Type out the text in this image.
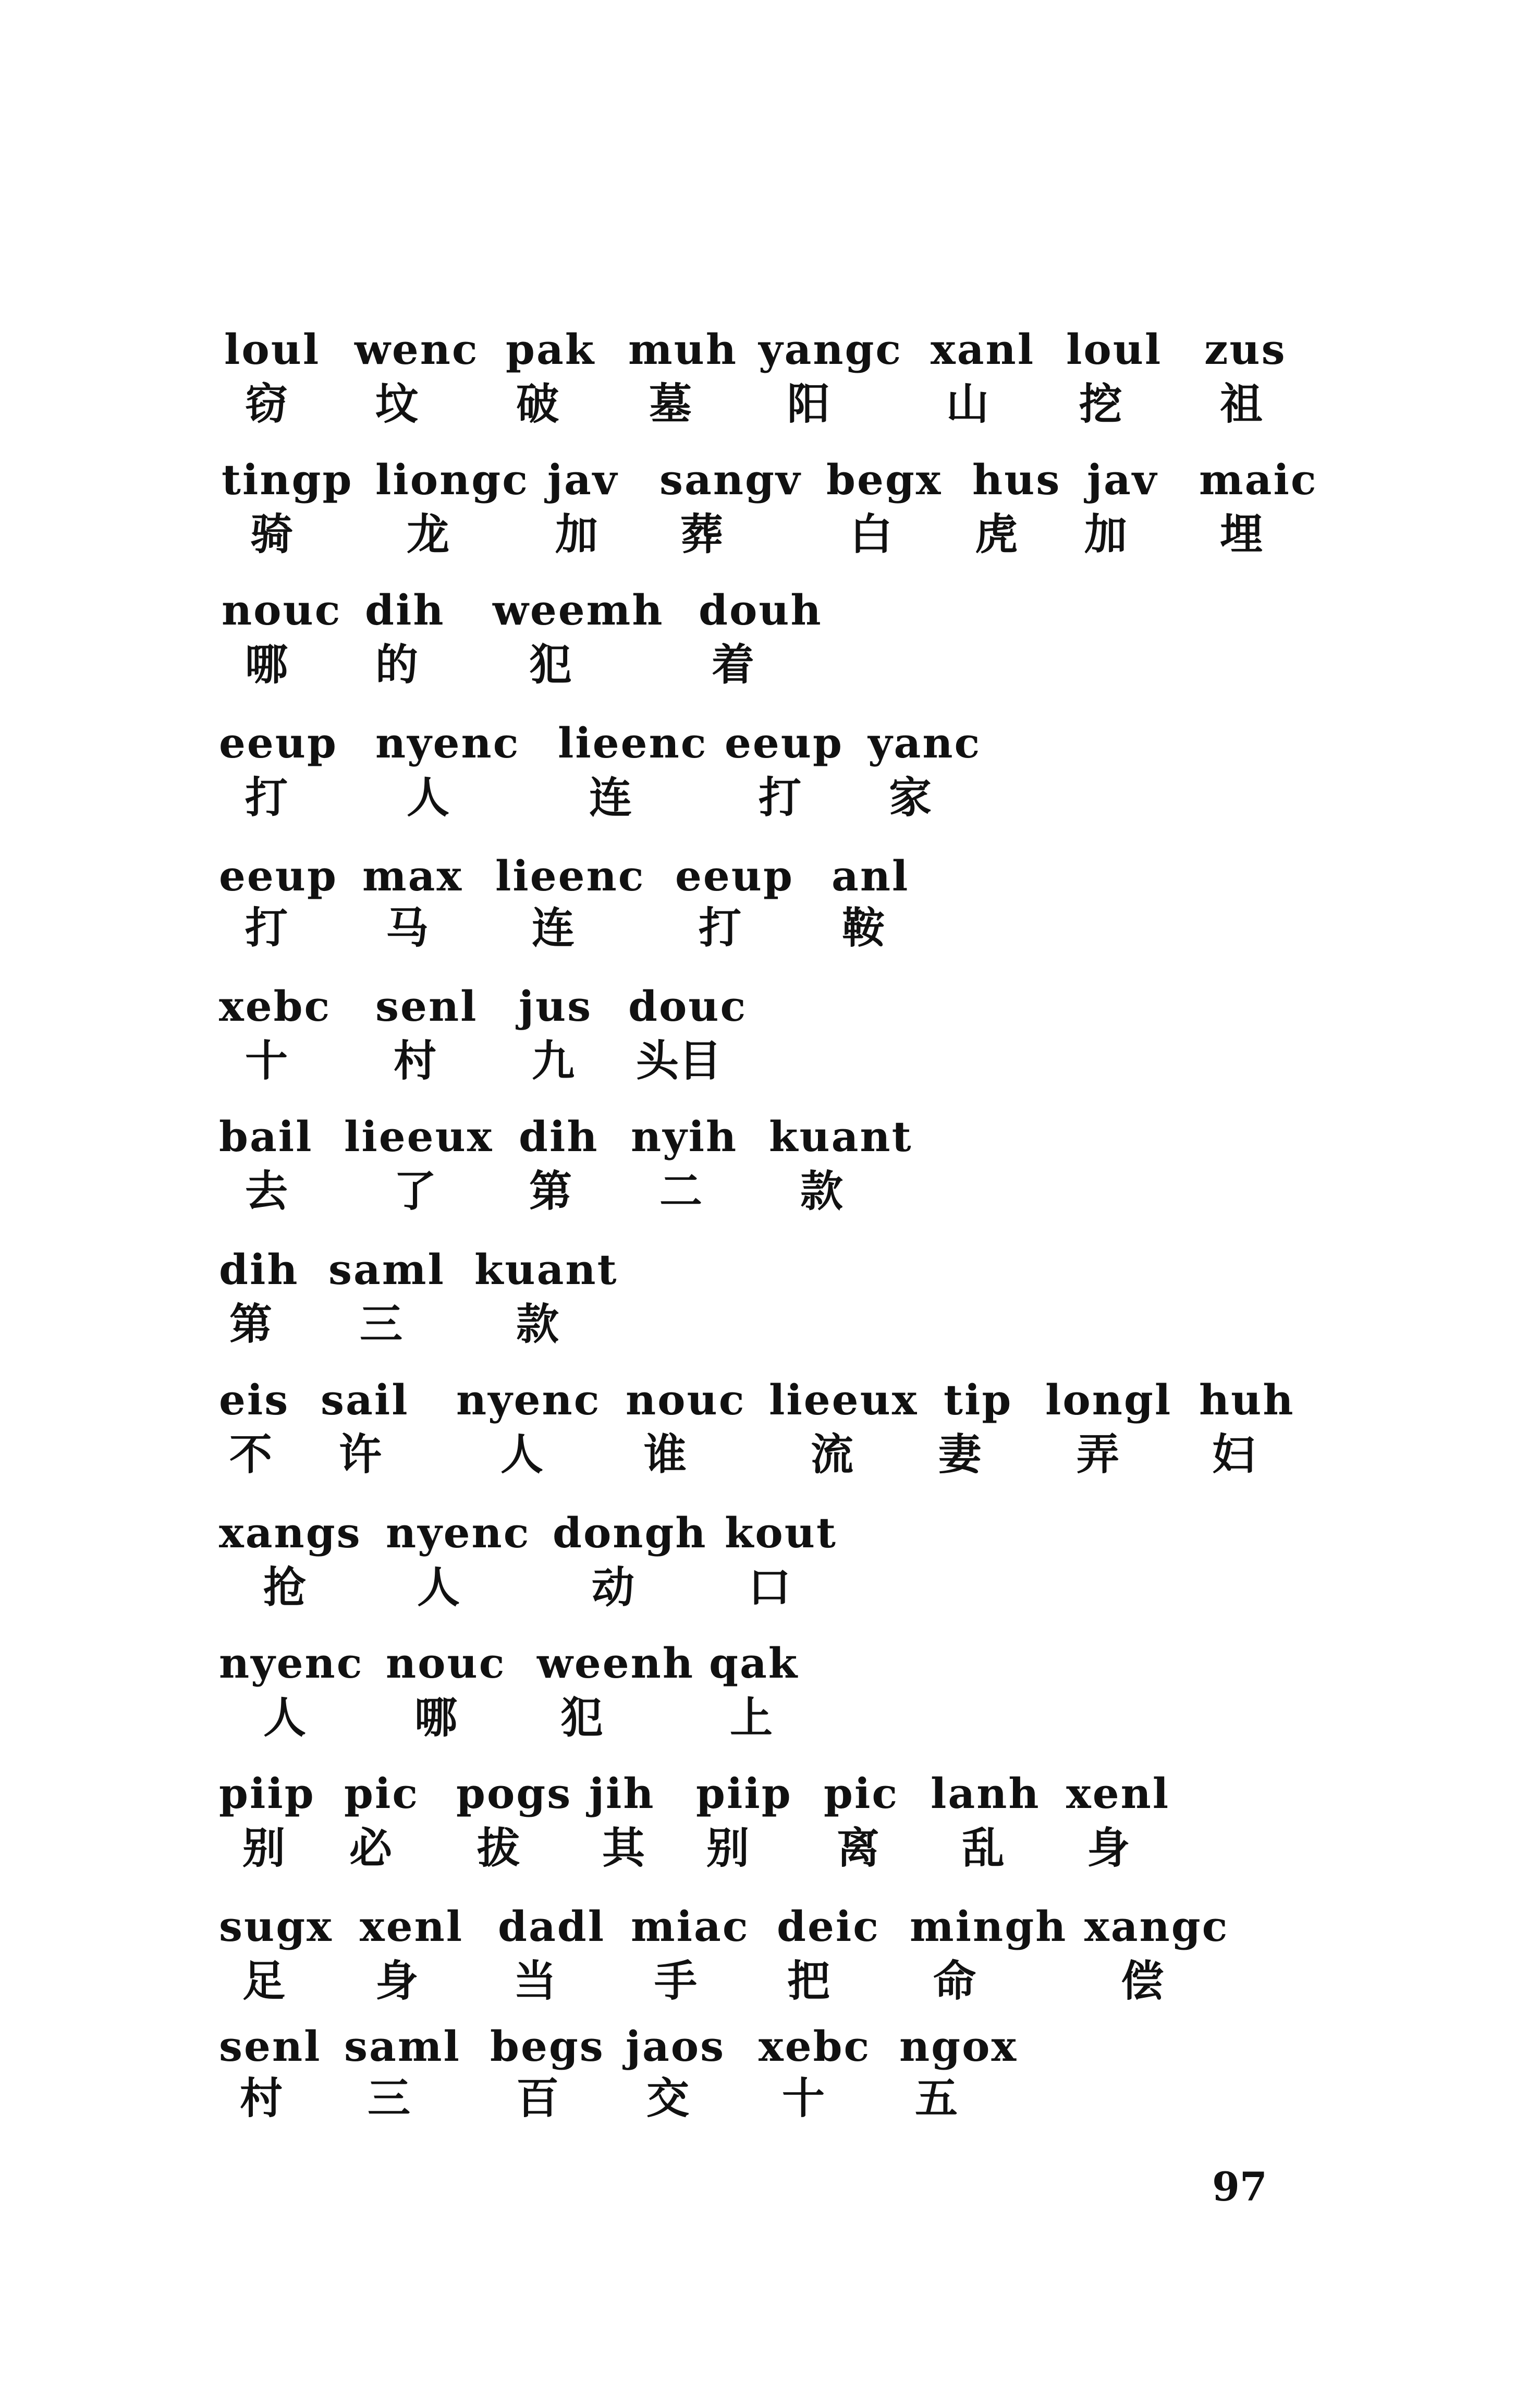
loul wenc pak muh yangc xanl loul zus
窃 坟 破 墓 阳	山 挖 祖
tingp liongc jav sangv begx hus jav maic
骑	龙 加 葬	白 虎 加 埋
nouc dih weemh douh
哪 的	犯	着
eeup nyenc lieenc eeup yanc
打	人	连	打 家
eeup max lieenc eeup anl
打 马 连	打 鞍
xebc senl jus douc
十 村 九 头目
bail lieeux dih nyih kuant
去 了 第 二 款
dih saml kuant
第 三	款
eis sail nyenc nouc lieeux tip longl huh
不 许	人 谁	流 妻 弄 妇
xangs nyenc dongh kout
抢	人	动	口
nyenc nouc weenh qak
人	哪 犯	上
piip pic pogs jih piip pic lanh xenl
别 必 拔 其 别 离 乱 身
sugx xenl dadl miac deic mingh xangc
足 身 当 手 把 命	偿
senl saml begs jaos xebc ngox
村 三 百 交 十 五
97
